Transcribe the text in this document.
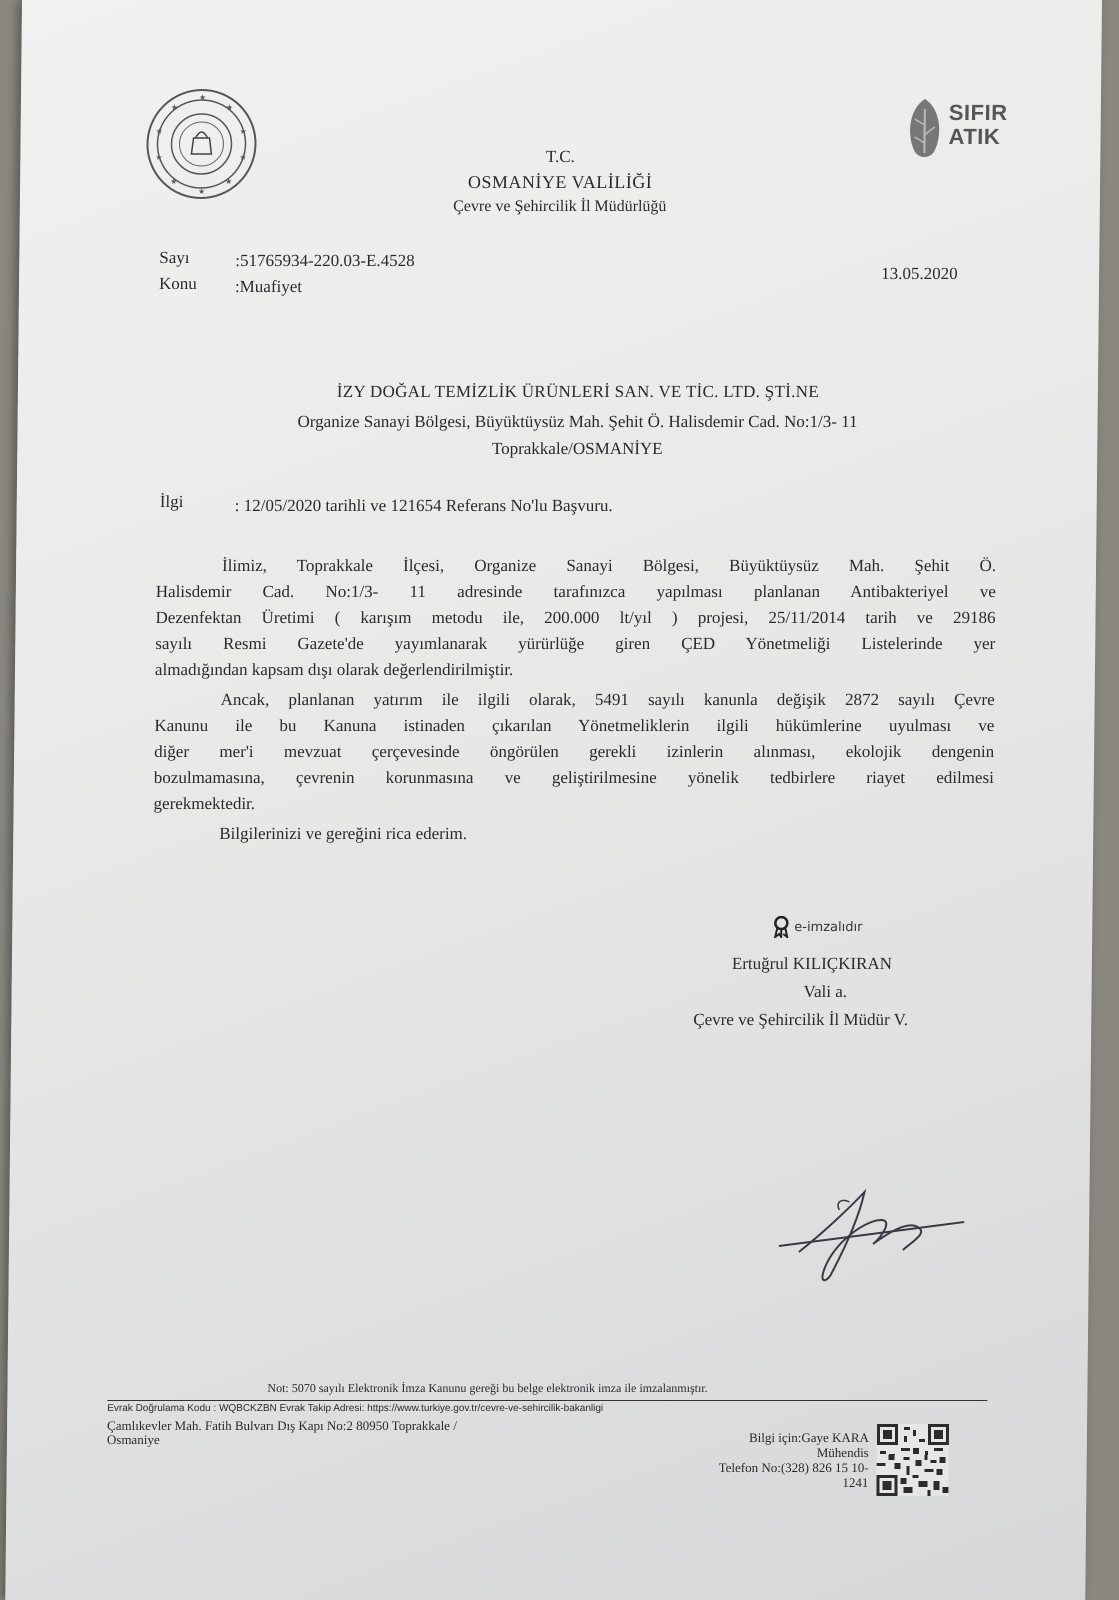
★
★
★
★
★
★
★
★
★
★	SIFIR ATIK
T.C.
OSMANİYE VALİLİĞİ
Çevre ve Şehircilik İl Müdürlüğü
Sayı	:51765934-220.03-E.4528
Konu :Muafiyet
13.05.2020
İZY DOĞAL TEMİZLİK ÜRÜNLERİ SAN. VE TİC. LTD. ŞTİ.NE
Organize Sanayi Bölgesi, Büyüktüysüz Mah. Şehit Ö. Halisdemir Cad. No:1/3- 11
Toprakkale/OSMANİYE
İlgi	: 12/05/2020 tarihli ve 121654 Referans No'lu Başvuru.
İlimiz, Toprakkale İlçesi, Organize Sanayi Bölgesi, Büyüktüysüz Mah. Şehit Ö.
Halisdemir Cad. No:1/3- 11 adresinde tarafınızca yapılması planlanan Antibakteriyel ve
Dezenfektan Üretimi ( karışım metodu ile, 200.000 lt/yıl ) projesi, 25/11/2014 tarih ve 29186
sayılı Resmi Gazete'de yayımlanarak yürürlüğe giren ÇED Yönetmeliği Listelerinde yer
almadığından kapsam dışı olarak değerlendirilmiştir.
Ancak, planlanan yatırım ile ilgili olarak, 5491 sayılı kanunla değişik 2872 sayılı Çevre
Kanunu ile bu Kanuna istinaden çıkarılan Yönetmeliklerin ilgili hükümlerine uyulması ve
diğer mer'i mevzuat çerçevesinde öngörülen gerekli izinlerin alınması, ekolojik dengenin
bozulmamasına, çevrenin korunmasına ve geliştirilmesine yönelik tedbirlere riayet edilmesi
gerekmektedir.
Bilgilerinizi ve gereğini rica ederim.
e-imzalıdır
Ertuğrul KILIÇKIRAN
Vali a.
Çevre ve Şehircilik İl Müdür V.
Not: 5070 sayılı Elektronik İmza Kanunu gereği bu belge elektronik imza ile imzalanmıştır.
Evrak Doğrulama Kodu : WQBCKZBN Evrak Takip Adresi: https://www.turkiye.gov.tr/cevre-ve-sehircilik-bakanligi
Çamlıkevler Mah. Fatih Bulvarı Dış Kapı No:2 80950 Toprakkale /
Osmaniye	Bilgi için:Gaye KARA
Mühendis
Telefon No:(328) 826 15 10-
1241
